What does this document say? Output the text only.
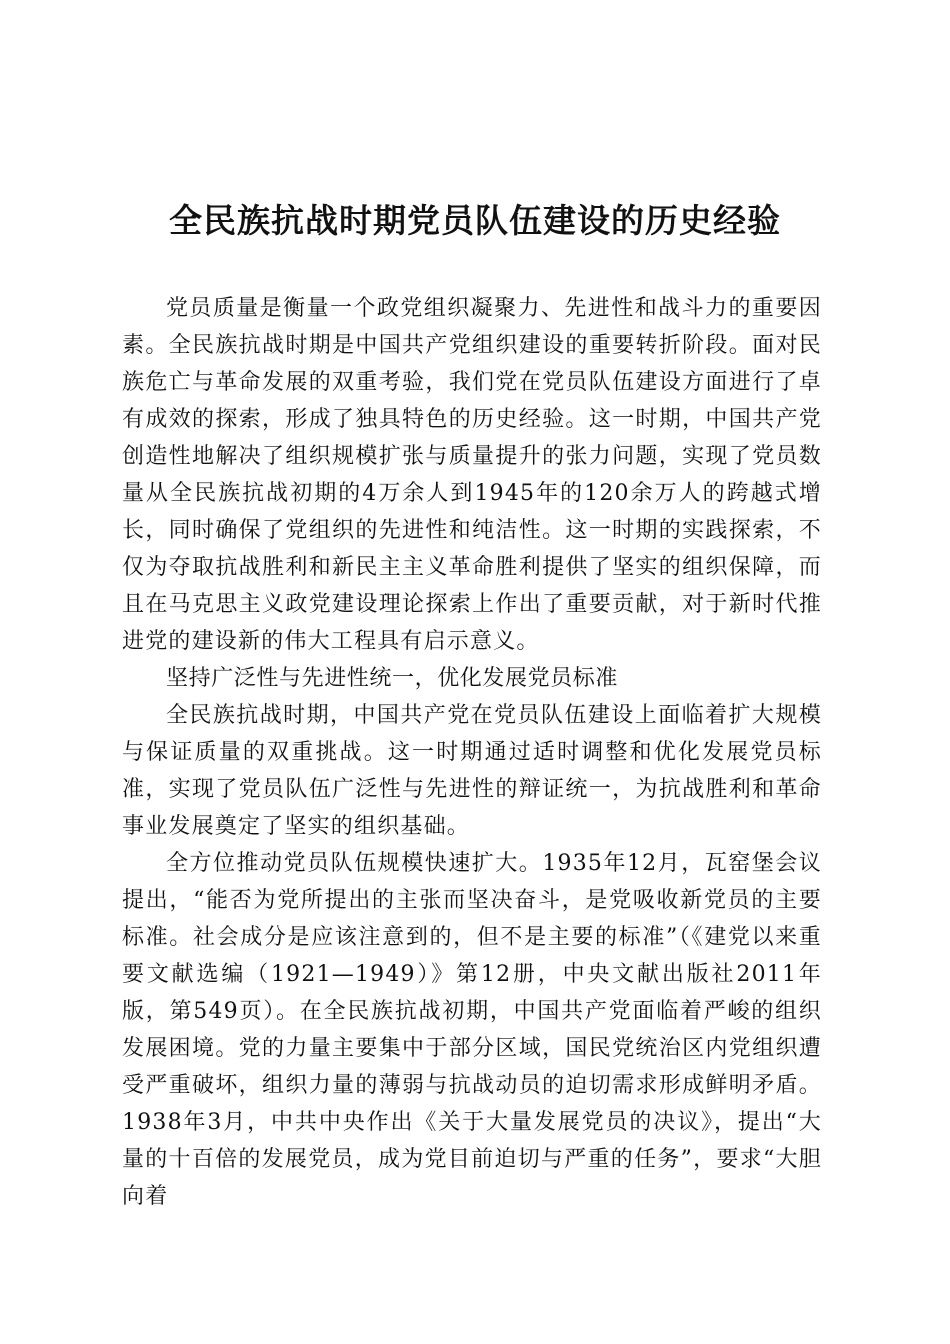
全民族抗战时期党员队伍建设的历史经验

党员质量是衡量一个政党组织凝聚力、先进性和战斗力的重要因素。全民族抗战时期是中国共产党组织建设的重要转折阶段。面对民族危亡与革命发展的双重考验，我们党在党员队伍建设方面进行了卓有成效的探索，形成了独具特色的历史经验。这一时期，中国共产党创造性地解决了组织规模扩张与质量提升的张力问题，实现了党员数量从全民族抗战初期的4万余人到1945年的120余万人的跨越式增长，同时确保了党组织的先进性和纯洁性。这一时期的实践探索，不仅为夺取抗战胜利和新民主主义革命胜利提供了坚实的组织保障，而且在马克思主义政党建设理论探索上作出了重要贡献，对于新时代推进党的建设新的伟大工程具有启示意义。

坚持广泛性与先进性统一，优化发展党员标准

全民族抗战时期，中国共产党在党员队伍建设上面临着扩大规模与保证质量的双重挑战。这一时期通过适时调整和优化发展党员标准，实现了党员队伍广泛性与先进性的辩证统一，为抗战胜利和革命事业发展奠定了坚实的组织基础。

全方位推动党员队伍规模快速扩大。1935年12月，瓦窑堡会议提出，“能否为党所提出的主张而坚决奋斗，是党吸收新党员的主要标准。社会成分是应该注意到的，但不是主要的标准”（《建党以来重要文献选编（1921—1949）》第12册，中央文献出版社2011年版，第549页）。在全民族抗战初期，中国共产党面临着严峻的组织发展困境。党的力量主要集中于部分区域，国民党统治区内党组织遭受严重破坏，组织力量的薄弱与抗战动员的迫切需求形成鲜明矛盾。1938年3月，中共中央作出《关于大量发展党员的决议》，提出“大量的十百倍的发展党员，成为党目前迫切与严重的任务”，要求“大胆向着
